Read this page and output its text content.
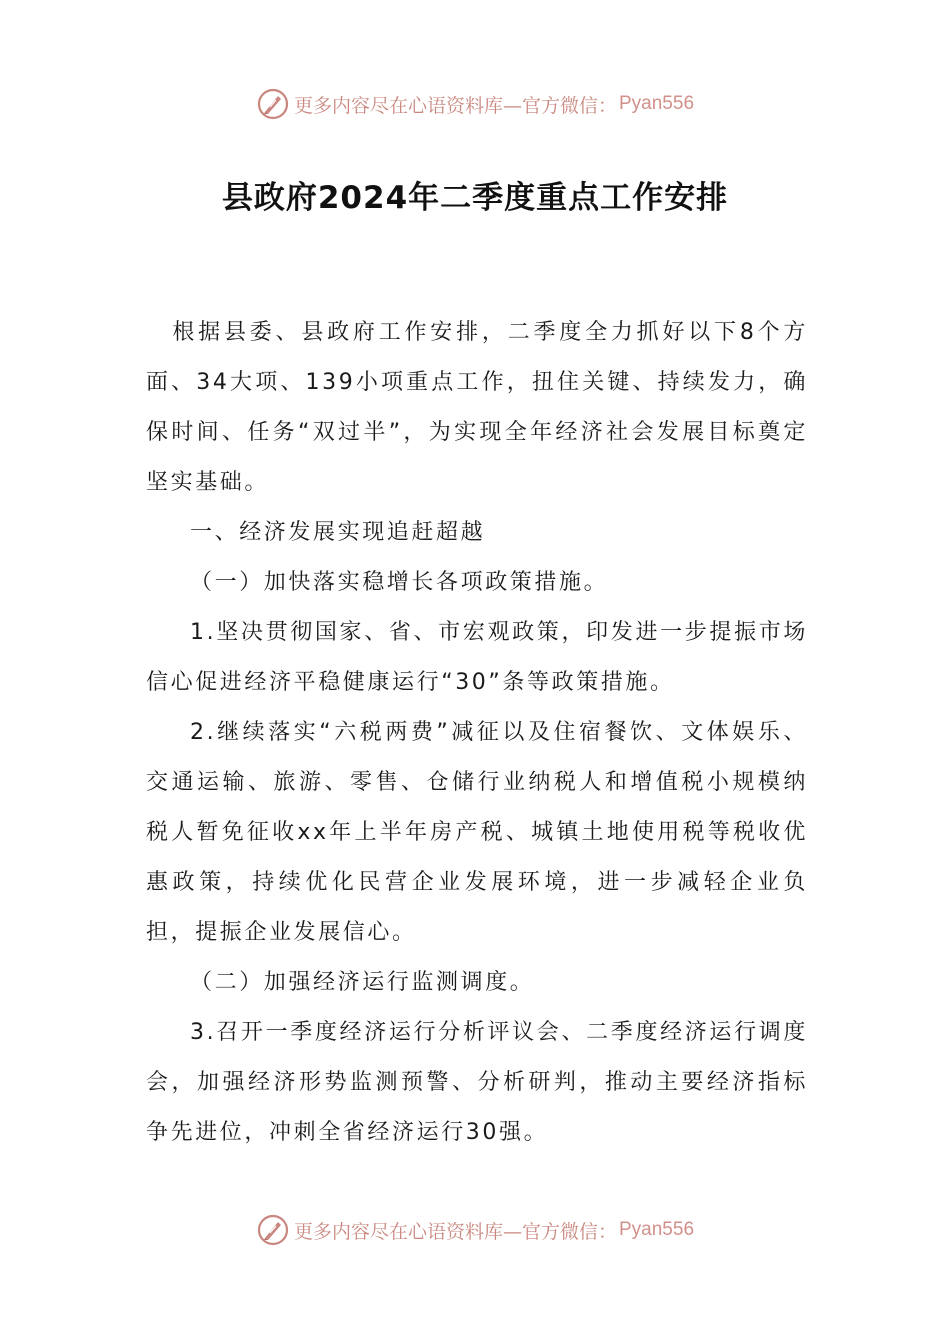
更多内容尽在心语资料库—官方微信： Pyan556
县政府2024年二季度重点工作安排

根据县委、县政府工作安排，二季度全力抓好以下8个方面、34大项、139小项重点工作，扭住关键、持续发力，确保时间、任务“双过半”，为实现全年经济社会发展目标奠定坚实基础。

一、经济发展实现追赶超越

（一）加快落实稳增长各项政策措施。

1.坚决贯彻国家、省、市宏观政策，印发进一步提振市场信心促进经济平稳健康运行“30”条等政策措施。

2.继续落实“六税两费”减征以及住宿餐饮、文体娱乐、交通运输、旅游、零售、仓储行业纳税人和增值税小规模纳税人暂免征收xx年上半年房产税、城镇土地使用税等税收优惠政策，持续优化民营企业发展环境，进一步减轻企业负担，提振企业发展信心。

（二）加强经济运行监测调度。

3.召开一季度经济运行分析评议会、二季度经济运行调度会，加强经济形势监测预警、分析研判，推动主要经济指标争先进位，冲刺全省经济运行30强。

更多内容尽在心语资料库—官方微信： Pyan556
